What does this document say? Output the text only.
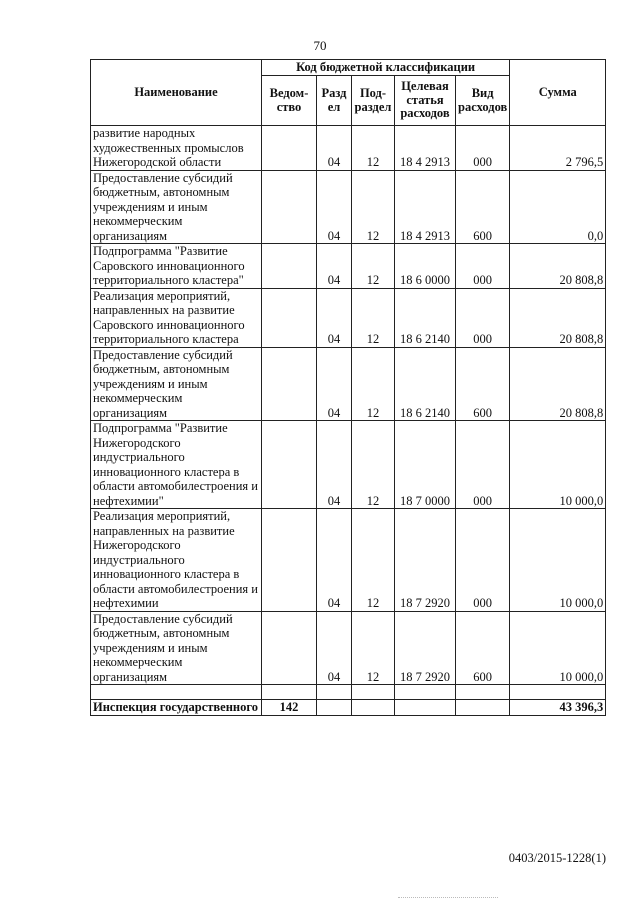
70
Наименование	Код бюджетной классификации					Сумма
	Ведом-ство	Разд ел	Под-раздел	Целевая статья расходов	Вид расходов	
развитие народных художественных промыслов Нижегородской области		04	12	18 4 2913	000	2 796,5
Предоставление субсидий бюджетным, автономным учреждениям и иным некоммерческим организациям		04	12	18 4 2913	600	0,0
Подпрограмма "Развитие Саровского инновационного территориального кластера"		04	12	18 6 0000	000	20 808,8
Реализация мероприятий, направленных на развитие Саровского инновационного территориального кластера		04	12	18 6 2140	000	20 808,8
Предоставление субсидий бюджетным, автономным учреждениям и иным некоммерческим организациям		04	12	18 6 2140	600	20 808,8
Подпрограмма "Развитие Нижегородского индустриального инновационного кластера в области автомобилестроения и нефтехимии"		04	12	18 7 0000	000	10 000,0
Реализация мероприятий, направленных на развитие Нижегородского индустриального инновационного кластера в области автомобилестроения и нефтехимии		04	12	18 7 2920	000	10 000,0
Предоставление субсидий бюджетным, автономным учреждениям и иным некоммерческим организациям		04	12	18 7 2920	600	10 000,0

Инспекция государственного	142					43 396,3
0403/2015-1228(1)
